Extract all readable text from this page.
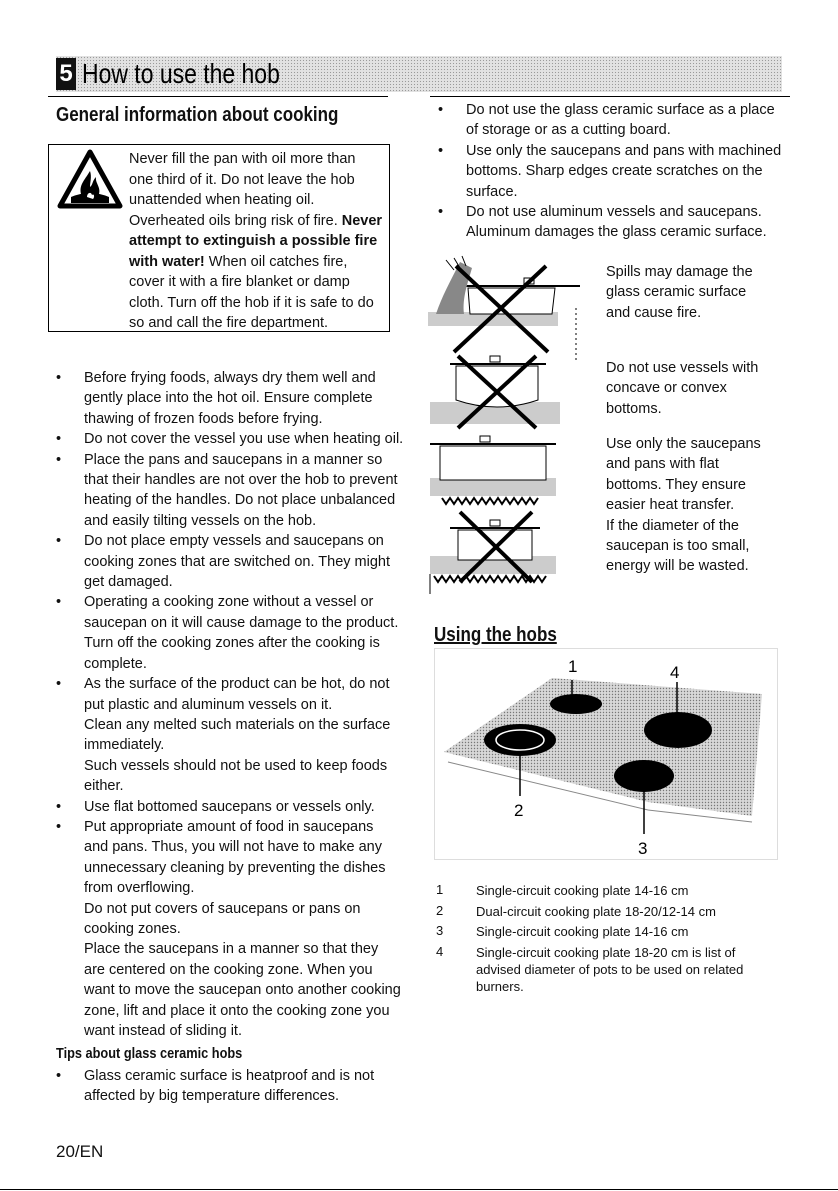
5 How to use the hob
General information about cooking
Never fill the pan with oil more than
one third of it. Do not leave the hob
unattended when heating oil.
Overheated oils bring risk of fire. Never
attempt to extinguish a possible fire
with water! When oil catches fire,
cover it with a fire blanket or damp
cloth. Turn off the hob if it is safe to do
so and call the fire department.
• Before frying foods, always dry them well and
gently place into the hot oil. Ensure complete
thawing of frozen foods before frying.
• Do not cover the vessel you use when heating oil.
• Place the pans and saucepans in a manner so
that their handles are not over the hob to prevent
heating of the handles. Do not place unbalanced
and easily tilting vessels on the hob.
• Do not place empty vessels and saucepans on
cooking zones that are switched on. They might
get damaged.
• Operating a cooking zone without a vessel or
saucepan on it will cause damage to the product.
Turn off the cooking zones after the cooking is
complete.
• As the surface of the product can be hot, do not
put plastic and aluminum vessels on it.
Clean any melted such materials on the surface
immediately.
Such vessels should not be used to keep foods
either.
• Use flat bottomed saucepans or vessels only.
• Put appropriate amount of food in saucepans
and pans. Thus, you will not have to make any
unnecessary cleaning by preventing the dishes
from overflowing.
Do not put covers of saucepans or pans on
cooking zones.
Place the saucepans in a manner so that they
are centered on the cooking zone. When you
want to move the saucepan onto another cooking
zone, lift and place it onto the cooking zone you
want instead of sliding it.
Tips about glass ceramic hobs
• Glass ceramic surface is heatproof and is not
affected by big temperature differences.
• Do not use the glass ceramic surface as a place
of storage or as a cutting board.
• Use only the saucepans and pans with machined
bottoms. Sharp edges create scratches on the
surface.
• Do not use aluminum vessels and saucepans.
Aluminum damages the glass ceramic surface.
Spills may damage the
glass ceramic surface
and cause fire.
Do not use vessels with
concave or convex
bottoms.
Use only the saucepans
and pans with flat
bottoms. They ensure
easier heat transfer.
If the diameter of the
saucepan is too small,
energy will be wasted.
Using the hobs
1	4
2
3
1	Single-circuit cooking plate 14-16 cm
2	Dual-circuit cooking plate 18-20/12-14 cm
3	Single-circuit cooking plate 14-16 cm
4	Single-circuit cooking plate 18-20 cm is list of
advised diameter of pots to be used on related
burners.
20/EN
